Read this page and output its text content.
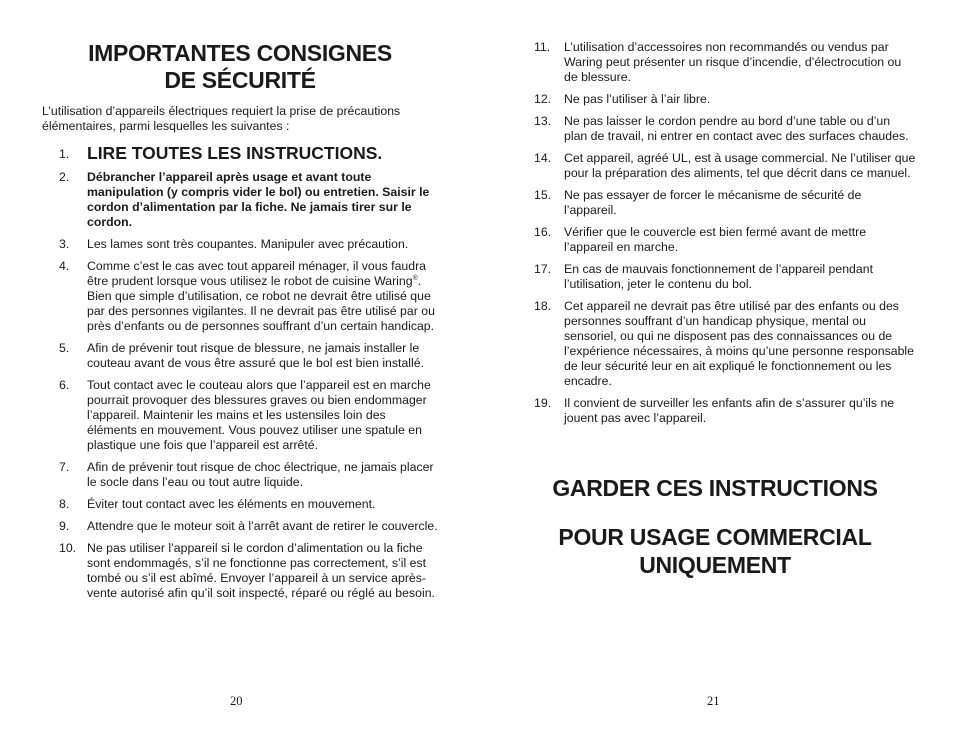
IMPORTANTES CONSIGNES
DE SÉCURITÉ

L’utilisation d’appareils électriques requiert la prise de précautions élémentaires, parmi lesquelles les suivantes :

1. LIRE TOUTES LES INSTRUCTIONS.
2. Débrancher l’appareil après usage et avant toute manipulation (y compris vider le bol) ou entretien. Saisir le cordon d’alimentation par la fiche. Ne jamais tirer sur le cordon.
3. Les lames sont très coupantes. Manipuler avec précaution.
4. Comme c’est le cas avec tout appareil ménager, il vous faudra être prudent lorsque vous utilisez le robot de cuisine Waring®. Bien que simple d’utilisation, ce robot ne devrait être utilisé que par des personnes vigilantes. Il ne devrait pas être utilisé par ou près d’enfants ou de personnes souffrant d’un certain handicap.
5. Afin de prévenir tout risque de blessure, ne jamais installer le couteau avant de vous être assuré que le bol est bien installé.
6. Tout contact avec le couteau alors que l’appareil est en marche pourrait provoquer des blessures graves ou bien endommager l’appareil. Maintenir les mains et les ustensiles loin des éléments en mouvement. Vous pouvez utiliser une spatule en plastique une fois que l’appareil est arrêté.
7. Afin de prévenir tout risque de choc électrique, ne jamais placer le socle dans l’eau ou tout autre liquide.
8. Éviter tout contact avec les éléments en mouvement.
9. Attendre que le moteur soit à l’arrêt avant de retirer le couvercle.
10. Ne pas utiliser l’appareil si le cordon d’alimentation ou la fiche sont endommagés, s’il ne fonctionne pas correctement, s’il est tombé ou s’il est abîmé. Envoyer l’appareil à un service après-vente autorisé afin qu’il soit inspecté, réparé ou réglé au besoin.
20
11. L’utilisation d’accessoires non recommandés ou vendus par Waring peut présenter un risque d’incendie, d’électrocution ou de blessure.
12. Ne pas l’utiliser à l’air libre.
13. Ne pas laisser le cordon pendre au bord d’une table ou d’un plan de travail, ni entrer en contact avec des surfaces chaudes.
14. Cet appareil, agréé UL, est à usage commercial. Ne l’utiliser que pour la préparation des aliments, tel que décrit dans ce manuel.
15. Ne pas essayer de forcer le mécanisme de sécurité de l’appareil.
16. Vérifier que le couvercle est bien fermé avant de mettre l’appareil en marche.
17. En cas de mauvais fonctionnement de l’appareil pendant l’utilisation, jeter le contenu du bol.
18. Cet appareil ne devrait pas être utilisé par des enfants ou des personnes souffrant d’un handicap physique, mental ou sensoriel, ou qui ne disposent pas des connaissances ou de l’expérience nécessaires, à moins qu’une personne responsable de leur sécurité leur en ait expliqué le fonctionnement ou les encadre.
19. Il convient de surveiller les enfants afin de s’assurer qu’ils ne jouent pas avec l’appareil.
GARDER CES INSTRUCTIONS
POUR USAGE COMMERCIAL
UNIQUEMENT
21
